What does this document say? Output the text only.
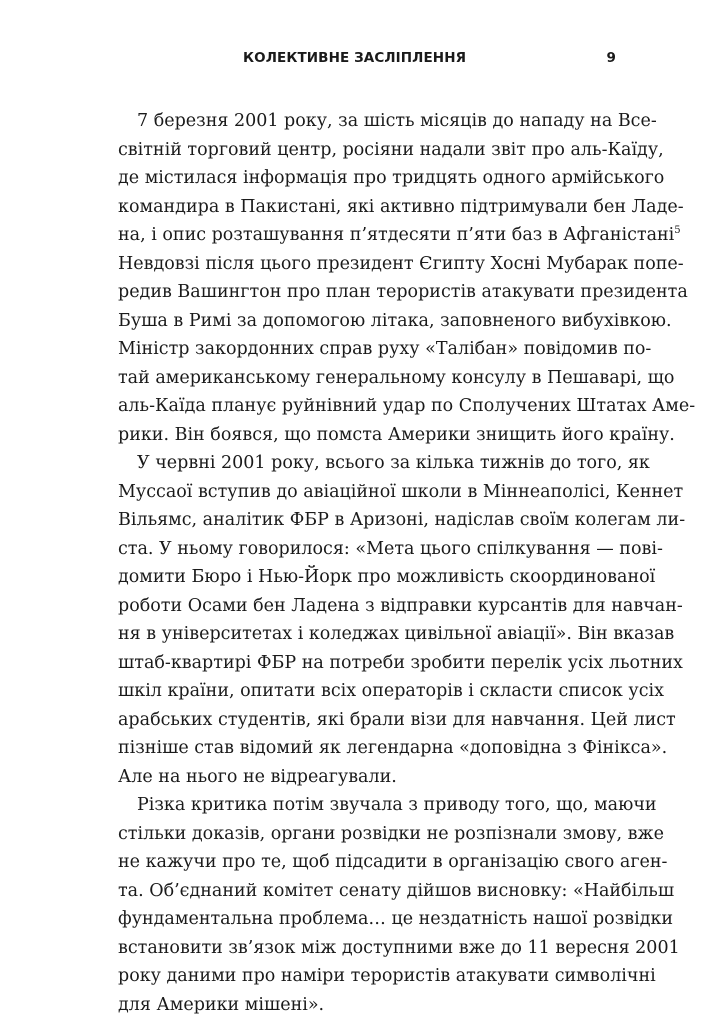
КОЛЕКТИВНЕ ЗАСЛІПЛЕННЯ	9
7 березня 2001 року, за шість місяців до нападу на Все-
світній торговий центр, росіяни надали звіт про аль-Каїду,
де містилася інформація про тридцять одного армійського
командира в Пакистані, які активно підтримували бен Ладе-
на, і опис розташування п’ятдесяти п’яти баз в Афганістані$^5$
Невдовзі після цього президент Єгипту Хосні Мубарак попе-
редив Вашингтон про план терористів атакувати президента
Буша в Римі за допомогою літака, заповненого вибухівкою.
Міністр закордонних справ руху «Талібан» повідомив по-
тай американському генеральному консулу в Пешаварі, що
аль-Каїда планує руйнівний удар по Сполучених Штатах Аме-
рики. Він боявся, що помста Америки знищить його країну.
У червні 2001 року, всього за кілька тижнів до того, як
Муссаої вступив до авіаційної школи в Міннеаполісі, Кеннет
Вільямс, аналітик ФБР в Аризоні, надіслав своїм колегам ли-
ста. У ньому говорилося: «Мета цього спілкування — пові-
домити Бюро і Нью-Йорк про можливість скоординованої
роботи Осами бен Ладена з відправки курсантів для навчан-
ня в університетах і коледжах цивільної авіації». Він вказав
штаб-квартирі ФБР на потреби зробити перелік усіх льотних
шкіл країни, опитати всіх операторів і скласти список усіх
арабських студентів, які брали візи для навчання. Цей лист
пізніше став відомий як легендарна «доповідна з Фінікса».
Але на нього не відреагували.
Різка критика потім звучала з приводу того, що, маючи
стільки доказів, органи розвідки не розпізнали змову, вже
не кажучи про те, щоб підсадити в організацію свого аген-
та. Об’єднаний комітет сенату дійшов висновку: «Найбільш
фундаментальна проблема… це нездатність нашої розвідки
встановити зв’язок між доступними вже до 11 вересня 2001
року даними про наміри терористів атакувати символічні
для Америки мішені».
